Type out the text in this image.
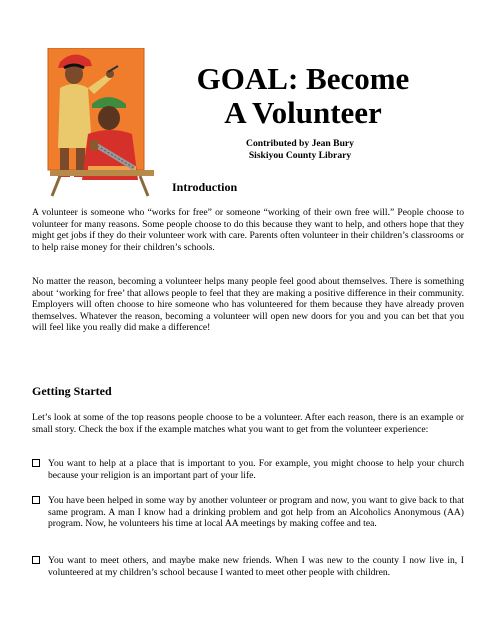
GOAL: Become
A Volunteer
Contributed by Jean Bury
Siskiyou County Library
Introduction
A volunteer is someone who “works for free” or someone “working of their own free will.” People choose to volunteer for many reasons. Some people choose to do this because they want to help, and others hope that they might get jobs if they do their volunteer work with care. Parents often volunteer in their children’s classrooms or to help raise money for their children’s schools.
No matter the reason, becoming a volunteer helps many people feel good about themselves. There is something about ‘working for free’ that allows people to feel that they are making a positive difference in their community. Employers will often choose to hire someone who has volunteered for them because they have already proven themselves. Whatever the reason, becoming a volunteer will open new doors for you and you can bet that you will feel like you really did make a difference!
Getting Started
Let’s look at some of the top reasons people choose to be a volunteer. After each reason, there is an example or small story. Check the box if the example matches what you want to get from the volunteer experience:
You want to help at a place that is important to you. For example, you might choose to help your church because your religion is an important part of your life.
You have been helped in some way by another volunteer or program and now, you want to give back to that same program. A man I know had a drinking problem and got help from an Alcoholics Anonymous (AA) program. Now, he volunteers his time at local AA meetings by making coffee and tea.
You want to meet others, and maybe make new friends. When I was new to the county I now live in, I volunteered at my children’s school because I wanted to meet other people with children.
